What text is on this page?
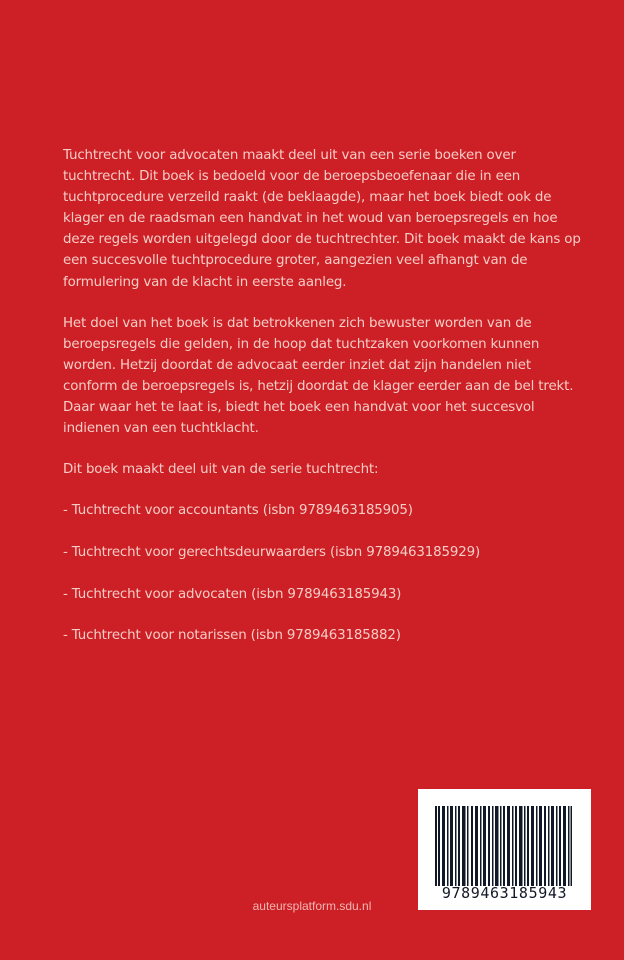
Tuchtrecht voor advocaten maakt deel uit van een serie boeken over
tuchtrecht. Dit boek is bedoeld voor de beroepsbeoefenaar die in een
tuchtprocedure verzeild raakt (de beklaagde), maar het boek biedt ook de
klager en de raadsman een handvat in het woud van beroepsregels en hoe
deze regels worden uitgelegd door de tuchtrechter. Dit boek maakt de kans op
een succesvolle tuchtprocedure groter, aangezien veel afhangt van de
formulering van de klacht in eerste aanleg.

Het doel van het boek is dat betrokkenen zich bewuster worden van de
beroepsregels die gelden, in de hoop dat tuchtzaken voorkomen kunnen
worden. Hetzij doordat de advocaat eerder inziet dat zijn handelen niet
conform de beroepsregels is, hetzij doordat de klager eerder aan de bel trekt.
Daar waar het te laat is, biedt het boek een handvat voor het succesvol
indienen van een tuchtklacht.

Dit boek maakt deel uit van de serie tuchtrecht:

- Tuchtrecht voor accountants (isbn 9789463185905)
- Tuchtrecht voor gerechtsdeurwaarders (isbn 9789463185929)
- Tuchtrecht voor advocaten (isbn 9789463185943)
- Tuchtrecht voor notarissen (isbn 9789463185882)
9789463185943
auteursplatform.sdu.nl
